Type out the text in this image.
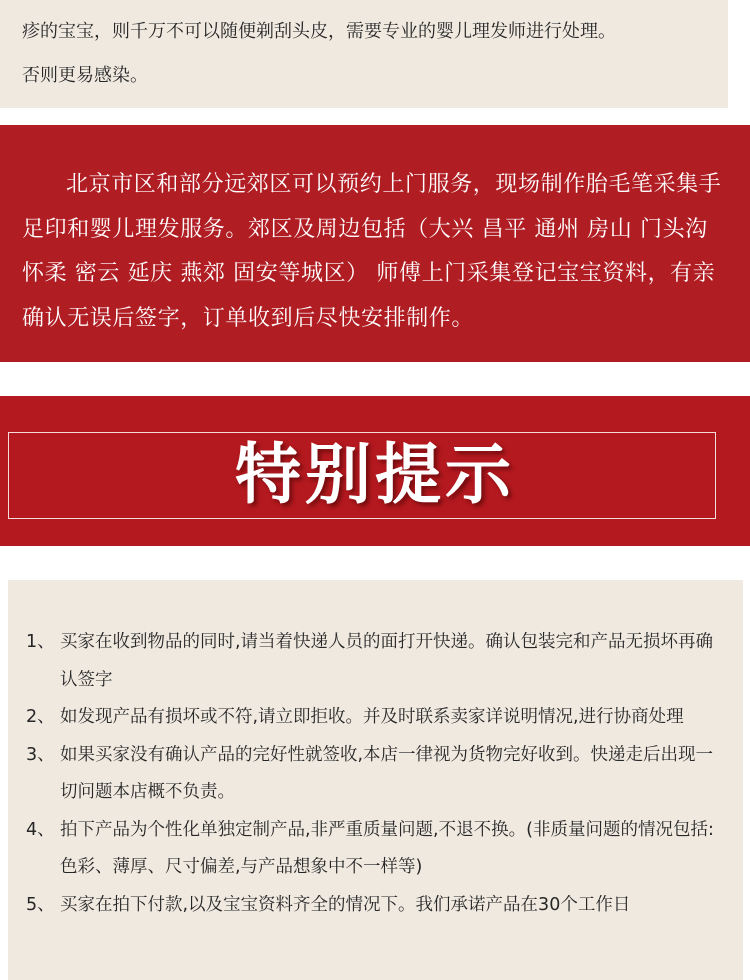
疹的宝宝，则千万不可以随便剃刮头皮，需要专业的婴儿理发师进行处理。

否则更易感染。

北京市区和部分远郊区可以预约上门服务，现场制作胎毛笔采集手足印和婴儿理发服务。郊区及周边包括（大兴 昌平 通州 房山 门头沟 怀柔 密云 延庆 燕郊 固安等城区） 师傅上门采集登记宝宝资料，有亲确认无误后签字，订单收到后尽快安排制作。

特别提示
1、 买家在收到物品的同时,请当着快递人员的面打开快递。确认包装完和产品无损坏再确认签字
2、 如发现产品有损坏或不符,请立即拒收。并及时联系卖家详说明情况,进行协商处理
3、 如果买家没有确认产品的完好性就签收,本店一律视为货物完好收到。快递走后出现一切问题本店概不负责。
4、 拍下产品为个性化单独定制产品,非严重质量问题,不退不换。(非质量问题的情况包括:色彩、薄厚、尺寸偏差,与产品想象中不一样等)
5、 买家在拍下付款,以及宝宝资料齐全的情况下。我们承诺产品在30个工作日
